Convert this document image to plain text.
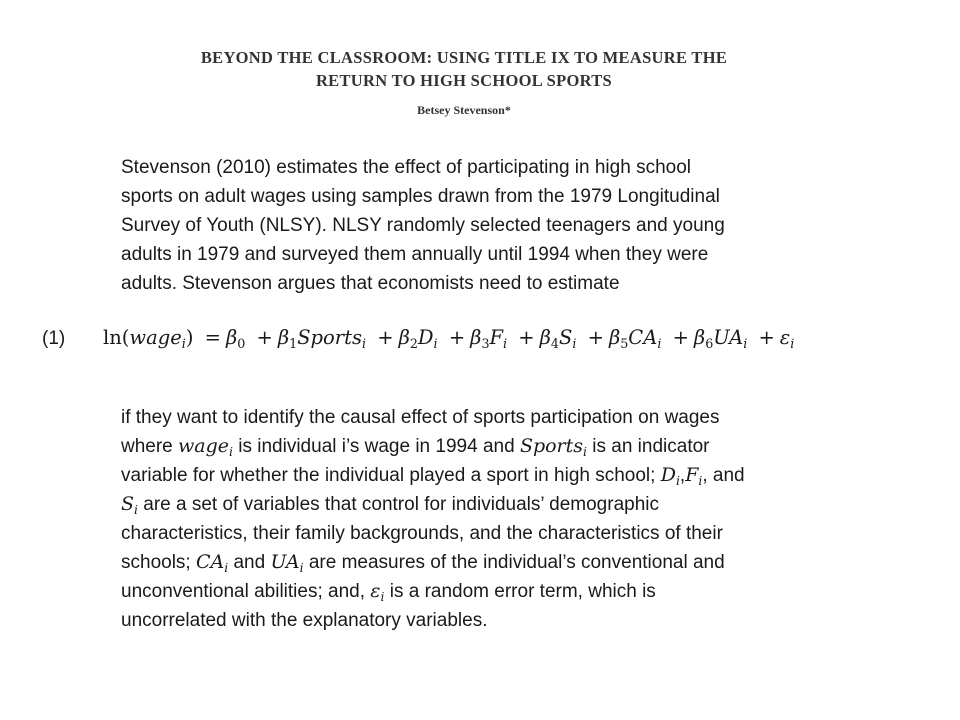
BEYOND THE CLASSROOM: USING TITLE IX TO MEASURE THE
RETURN TO HIGH SCHOOL SPORTS
Betsey Stevenson*
Stevenson (2010) estimates the effect of participating in high school
sports on adult wages using samples drawn from the 1979 Longitudinal
Survey of Youth (NLSY). NLSY randomly selected teenagers and young
adults in 1979 and surveyed them annually until 1994 when they were
adults. Stevenson argues that economists need to estimate
(1) ln(wage$_i$) = $\beta_0$ + $\beta_1Sports_i + \beta_2D_i + \beta_3F_i + \beta_4S_i + \beta_5CA_i + \beta_6UA_i + \varepsilon_i$
if they want to identify the causal effect of sports participation on wages
where wage$_i$ is individual i’s wage in 1994 and Sports$_i$ is an indicator
variable for whether the individual played a sport in high school; $D_i,F_i$, and
$S_i$ are a set of variables that control for individuals’ demographic
characteristics, their family backgrounds, and the characteristics of their
schools; $CA_i$ and $UA_i$ are measures of the individual’s conventional and
unconventional abilities; and, $\varepsilon_i$ is a random error term, which is
uncorrelated with the explanatory variables.
